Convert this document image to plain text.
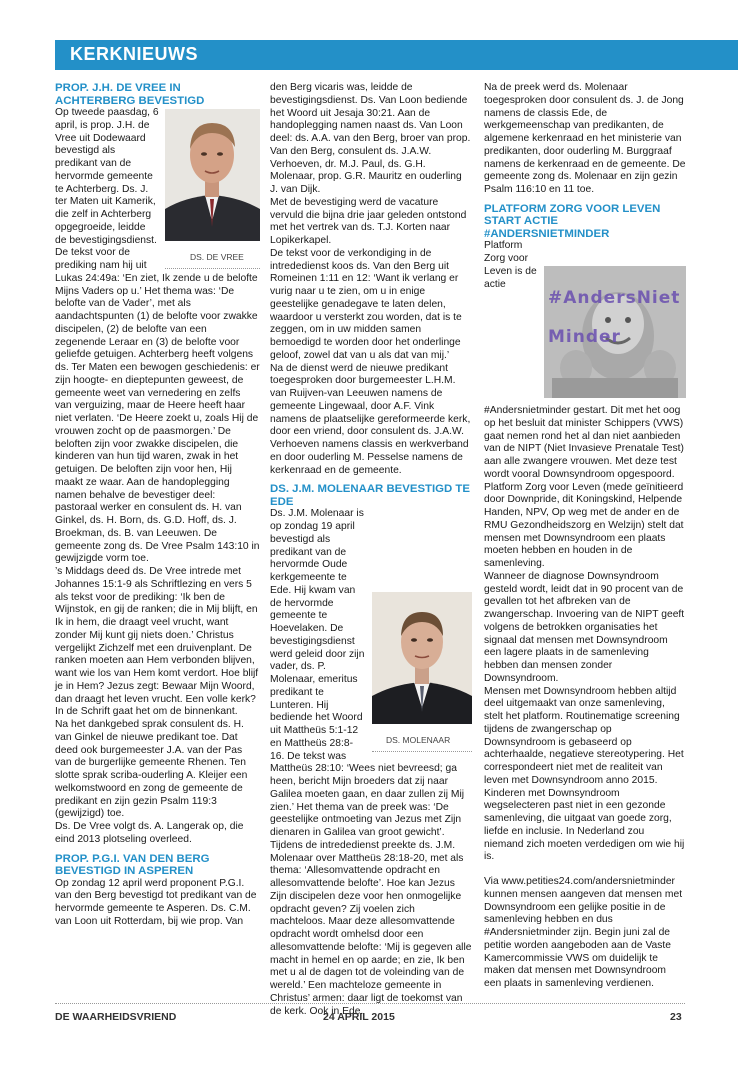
KERKNIEUWS
PROP. J.H. DE VREE IN ACHTERBERG BEVESTIGD
DS. DE VREE

Op tweede paasdag, 6 april, is prop. J.H. de Vree uit Dodewaard bevestigd als predikant van de hervormde gemeente te Achterberg. Ds. J. ter Maten uit Kamerik, die zelf in Achterberg opgegroeide, leidde de bevestigingsdienst. De tekst voor de prediking nam hij uit Lukas 24:49a: ‘En ziet, Ik zende u de belofte Mijns Vaders op u.’ Het thema was: ‘De belofte van de Vader’, met als aandachtspunten (1) de belofte voor zwakke discipelen, (2) de belofte van een zegenende Leraar en (3) de belofte voor geliefde getuigen. Achterberg heeft volgens ds. Ter Maten een bewogen geschiedenis: er zijn hoogte- en dieptepunten geweest, de gemeente weet van vernedering en zelfs

van verguizing, maar de Heere heeft haar niet verlaten. ‘De Heere zoekt u, zoals Hij de vrouwen zocht op de paasmorgen.’ De beloften zijn voor zwakke discipelen, die kinderen van hun tijd waren, zwak in het getuigen. De beloften zijn voor hen, Hij maakt ze waar. Aan de handoplegging namen behalve de bevestiger deel: pastoraal werker en consulent ds. H. van Ginkel, ds. H. Born, ds. G.D. Hoff, ds. J. Broekman, ds. B. van Leeuwen. De gemeente zong ds. De Vree Psalm 143:10 in gewijzigde vorm toe.

’s Middags deed ds. De Vree intrede met Johannes 15:1-9 als Schriftlezing en vers 5 als tekst voor de prediking: ‘Ik ben de Wijnstok, en gij de ranken; die in Mij blijft, en Ik in hem, die draagt veel vrucht, want zonder Mij kunt gij niets doen.’ Christus vergelijkt Zichzelf met een druivenplant. De ranken moeten aan Hem verbonden blijven, want wie los van Hem komt verdort. Hoe blijf je in Hem? Jezus zegt: Bewaar Mijn Woord, dan draagt het leven vrucht. Een volle kerk? In de Schrift gaat het om de binnenkant.

Na het dankgebed sprak consulent ds. H. van Ginkel de nieuwe predikant toe. Dat deed ook burgemeester J.A. van der Pas van de burgerlijke gemeente Rhenen. Ten slotte sprak scriba-ouderling A. Kleijer een welkomstwoord en zong de gemeente de predikant en zijn gezin Psalm 119:3 (gewijzigd) toe.

Ds. De Vree volgt ds. A. Langerak op, die eind 2013 plotseling overleed.

PROP. P.G.I. VAN DEN BERG BEVESTIGD IN ASPEREN

Op zondag 12 april werd proponent P.G.I. van den Berg bevestigd tot predikant van de hervormde gemeente te Asperen. Ds. C.M. van Loon uit Rotterdam, bij wie prop. Van

den Berg vicaris was, leidde de bevestigingsdienst. Ds. Van Loon bediende het Woord uit Jesaja 30:21. Aan de handoplegging namen naast ds. Van Loon deel: ds. A.A. van den Berg, broer van prop. Van den Berg, consulent ds. J.A.W. Verhoeven, dr. M.J. Paul, ds. G.H. Molenaar, prop. G.R. Mauritz en ouderling J. van Dijk.

Met de bevestiging werd de vacature vervuld die bijna drie jaar geleden ontstond met het vertrek van ds. T.J. Korten naar Lopikerkapel.

De tekst voor de verkondiging in de intrededienst koos ds. Van den Berg uit Romeinen 1:11 en 12: ‘Want ik verlang er vurig naar u te zien, om u in enige geestelijke genadegave te laten delen, waardoor u versterkt zou worden, dat is te zeggen, om in uw midden samen bemoedigd te worden door het onderlinge geloof, zowel dat van u als dat van mij.’

Na de dienst werd de nieuwe predikant toegesproken door burgemeester L.H.M. van Ruijven-van Leeuwen namens de gemeente Lingewaal, door A.F. Vink namens de plaatselijke gereformeerde kerk, door een vriend, door consulent ds. J.A.W. Verhoeven namens classis en werkverband en door ouderling M. Pesselse namens de kerkenraad en de gemeente.

DS. J.M. MOLENAAR BEVESTIGD TE EDE
DS. MOLENAAR

Ds. J.M. Molenaar is op zondag 19 april bevestigd als predikant van de hervormde Oude kerkgemeente te Ede. Hij kwam van de hervormde gemeente te Hoevelaken. De bevestigingsdienst werd geleid door zijn vader, ds. P. Molenaar, emeritus predikant te Lunteren. Hij bediende het Woord uit Mattheüs 5:1-12 en Mattheüs 28:8-16. De tekst was Mattheüs 28:10: ‘Wees niet bevreesd; ga heen, bericht Mijn broeders dat zij naar Galilea moeten gaan, en daar zullen zij Mij zien.’ Het thema van de preek was: ‘De geestelijke ontmoeting van Jezus met Zijn dienaren in Galilea van groot gewicht’. Tijdens de intrededienst preekte ds. J.M. Molenaar over Mattheüs 28:18-20, met als thema: ‘Allesomvattende opdracht en allesomvattende belofte’. Hoe kan Jezus Zijn discipelen deze voor hen onmogelijke opdracht geven? Zij voelen zich machteloos. Maar deze allesomvattende opdracht wordt omhelsd door een allesomvattende belofte: ‘Mij is gegeven alle macht in hemel en op aarde; en zie, Ik ben met u al de dagen tot de voleinding van de wereld.’ Een machteloze gemeente in Christus’ armen: daar ligt de toekomst van de kerk. Ook in Ede.

Na de preek werd ds. Molenaar toegesproken door consulent ds. J. de Jong namens de classis Ede, de werkgemeenschap van predikanten, de algemene kerkenraad en het ministerie van predikanten, door ouderling M. Burggraaf namens de kerkenraad en de gemeente. De gemeente zong ds. Molenaar en zijn gezin Psalm 116:10 en 11 toe.

PLATFORM ZORG VOOR LEVEN START ACTIE #ANDERSNIETMINDER
#AndersNietMinder

Platform Zorg voor Leven is de actie #Andersnietminder gestart. Dit met het oog op het besluit dat minister Schippers (VWS) gaat nemen rond het al dan niet aanbieden van de NIPT (Niet Invasieve Prenatale Test) aan alle zwangere vrouwen. Met deze test wordt vooral Downsyndroom opgespoord. Platform Zorg voor Leven (mede geïnitieerd door Downpride, dit Koningskind, Helpende Handen, NPV, Op weg met de ander en de RMU Gezondheidszorg en Welzijn) stelt dat mensen met Downsyndroom een plaats moeten hebben en houden in de samenleving.

Wanneer de diagnose Downsyndroom gesteld wordt, leidt dat in 90 procent van de gevallen tot het afbreken van de zwangerschap. Invoering van de NIPT geeft volgens de betrokken organisaties het signaal dat mensen met Downsyndroom een lagere plaats in de samenleving hebben dan mensen zonder Downsyndroom.

Mensen met Downsyndroom hebben altijd deel uitgemaakt van onze samenleving, stelt het platform. Routinematige screening tijdens de zwangerschap op Downsyndroom is gebaseerd op achterhaalde, negatieve stereotypering. Het correspondeert niet met de realiteit van leven met Downsyndroom anno 2015. Kinderen met Downsyndroom wegselecteren past niet in een gezonde samenleving, die uitgaat van goede zorg, liefde en inclusie. In Nederland zou niemand zich moeten verdedigen om wie hij is.

Via www.petities24.com/andersnietminder kunnen mensen aangeven dat mensen met Downsyndroom een gelijke positie in de samenleving hebben en dus #Andersnietminder zijn. Begin juni zal de petitie worden aangeboden aan de Vaste Kamercommissie VWS om duidelijk te maken dat mensen met Downsyndroom een plaats in samenleving verdienen.

DE WAARHEIDSVRIEND	24 APRIL 2015	23
